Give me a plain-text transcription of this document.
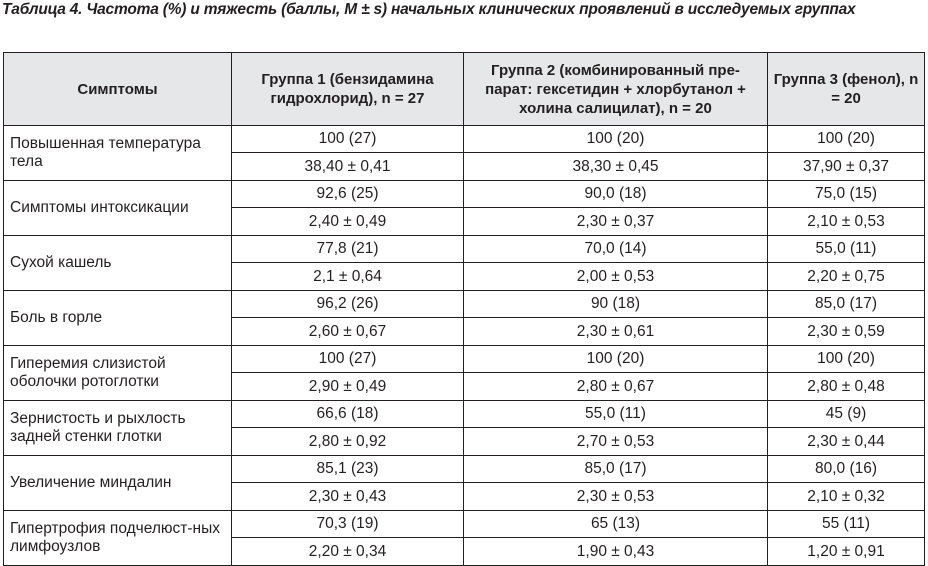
Таблица 4. Частота (%) и тяжесть (баллы, М ± s) начальных клинических проявлений в исследуемых группах
Симптомы	Группа 1 (бензидамина гидрохлорид), n = 27	Группа 2 (комбинированный пре-парат: гексетидин + хлорбутанол + холина салицилат), n = 20	Группа 3 (фенол), n = 20
Повышенная температура тела	100 (27)	100 (20)	100 (20)
	38,40 ± 0,41	38,30 ± 0,45	37,90 ± 0,37
Симптомы интоксикации	92,6 (25)	90,0 (18)	75,0 (15)
	2,40 ± 0,49	2,30 ± 0,37	2,10 ± 0,53
Сухой кашель	77,8 (21)	70,0 (14)	55,0 (11)
	2,1 ± 0,64	2,00 ± 0,53	2,20 ± 0,75
Боль в горле	96,2 (26)	90 (18)	85,0 (17)
	2,60 ± 0,67	2,30 ± 0,61	2,30 ± 0,59
Гиперемия слизистой оболочки ротоглотки	100 (27)	100 (20)	100 (20)
	2,90 ± 0,49	2,80 ± 0,67	2,80 ± 0,48
Зернистость и рыхлость задней стенки глотки	66,6 (18)	55,0 (11)	45 (9)
	2,80 ± 0,92	2,70 ± 0,53	2,30 ± 0,44
Увеличение миндалин	85,1 (23)	85,0 (17)	80,0 (16)
	2,30 ± 0,43	2,30 ± 0,53	2,10 ± 0,32
Гипертрофия подчелюст-ных лимфоузлов	70,3 (19)	65 (13)	55 (11)
	2,20 ± 0,34	1,90 ± 0,43	1,20 ± 0,91
